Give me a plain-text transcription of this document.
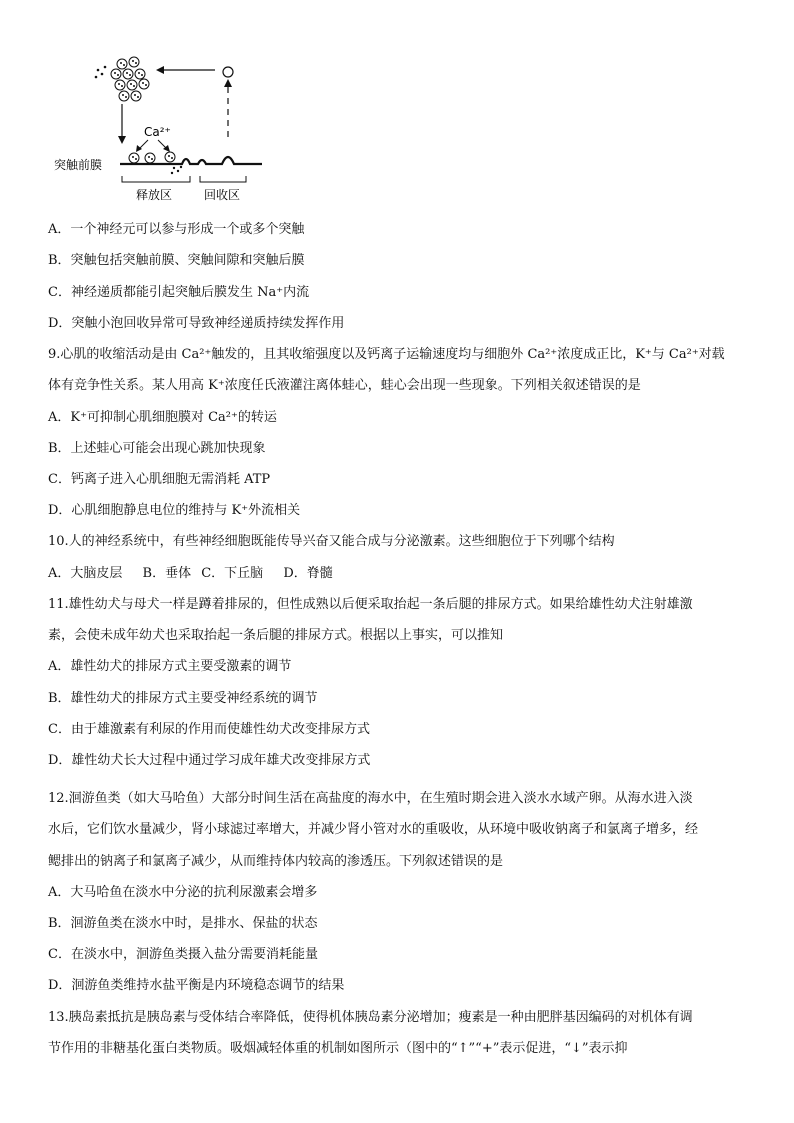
Ca²⁺
突触前膜
释放区	回收区
A．一个神经元可以参与形成一个或多个突触
B．突触包括突触前膜、突触间隙和突触后膜
C．神经递质都能引起突触后膜发生 Na⁺内流
D．突触小泡回收异常可导致神经递质持续发挥作用
9.心肌的收缩活动是由 Ca²⁺触发的，且其收缩强度以及钙离子运输速度均与细胞外 Ca²⁺浓度成正比，K⁺与 Ca²⁺对载
体有竞争性关系。某人用高 K⁺浓度任氏液灌注离体蛙心，蛙心会出现一些现象。下列相关叙述错误的是
A．K⁺可抑制心肌细胞膜对 Ca²⁺的转运
B．上述蛙心可能会出现心跳加快现象
C．钙离子进入心肌细胞无需消耗 ATP
D．心肌细胞静息电位的维持与 K⁺外流相关
10.人的神经系统中，有些神经细胞既能传导兴奋又能合成与分泌激素。这些细胞位于下列哪个结构
A．大脑皮层 B．垂体 C．下丘脑 D．脊髓
11.雄性幼犬与母犬一样是蹲着排尿的，但性成熟以后便采取抬起一条后腿的排尿方式。如果给雄性幼犬注射雄激
素，会使未成年幼犬也采取抬起一条后腿的排尿方式。根据以上事实，可以推知
A．雄性幼犬的排尿方式主要受激素的调节
B．雄性幼犬的排尿方式主要受神经系统的调节
C．由于雄激素有利尿的作用而使雄性幼犬改变排尿方式
D．雄性幼犬长大过程中通过学习成年雄犬改变排尿方式
12.洄游鱼类（如大马哈鱼）大部分时间生活在高盐度的海水中，在生殖时期会进入淡水水域产卵。从海水进入淡
水后，它们饮水量减少，肾小球滤过率增大，并减少肾小管对水的重吸收，从环境中吸收钠离子和氯离子增多，经
鳃排出的钠离子和氯离子减少，从而维持体内较高的渗透压。下列叙述错误的是
A．大马哈鱼在淡水中分泌的抗利尿激素会增多
B．洄游鱼类在淡水中时，是排水、保盐的状态
C．在淡水中，洄游鱼类摄入盐分需要消耗能量
D．洄游鱼类维持水盐平衡是内环境稳态调节的结果
13.胰岛素抵抗是胰岛素与受体结合率降低，使得机体胰岛素分泌增加；瘦素是一种由肥胖基因编码的对机体有调
节作用的非糖基化蛋白类物质。吸烟减轻体重的机制如图所示（图中的“↑”“+”表示促进，“↓”表示抑
